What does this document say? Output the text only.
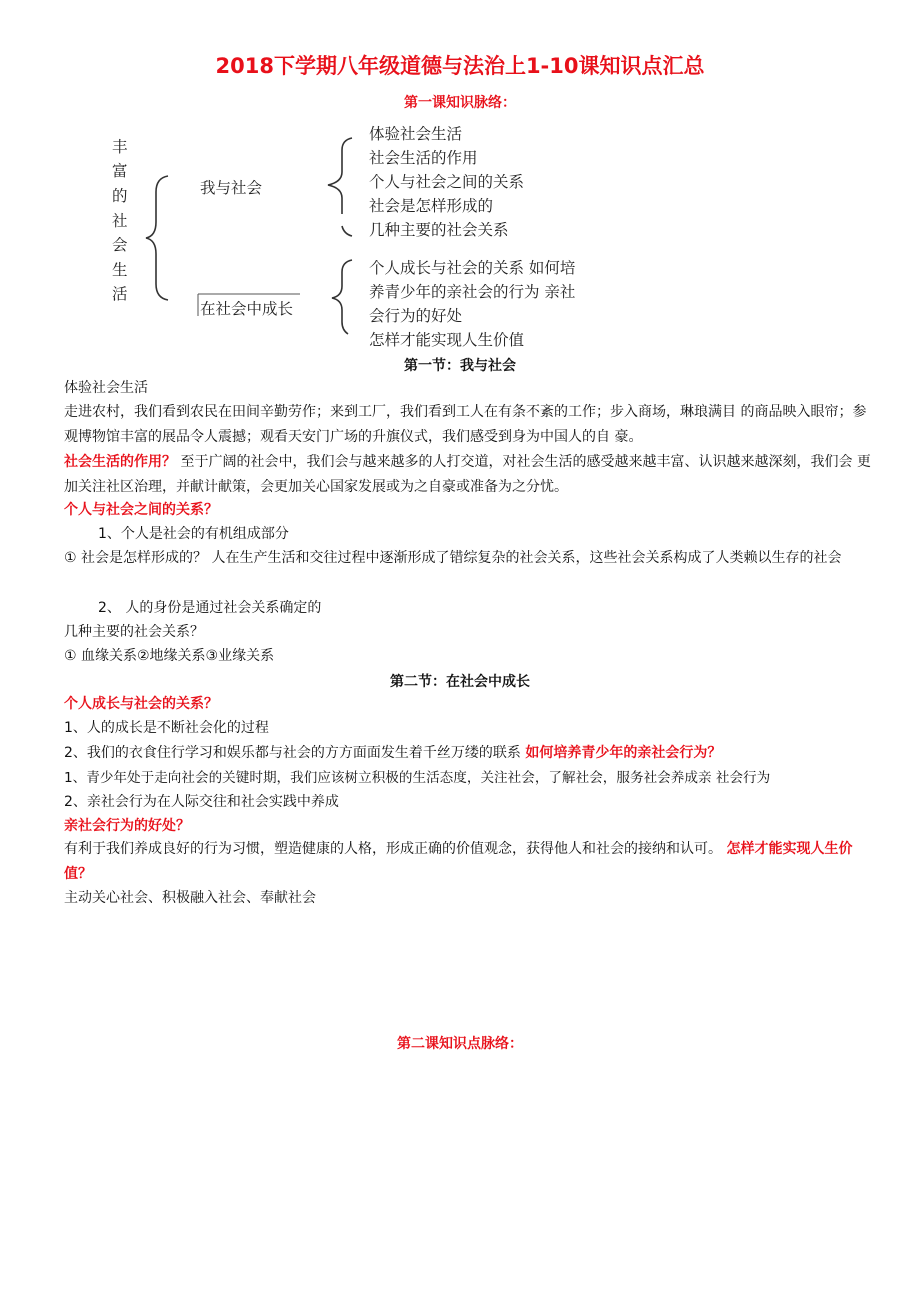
2018下学期八年级道德与法治上1-10课知识点汇总
第一课知识脉络：
丰
富
的
社
会
生
活
我与社会
在社会中成长
体验社会生活
社会生活的作用
个人与社会之间的关系
社会是怎样形成的
几种主要的社会关系
个人成长与社会的关系 如何培
养青少年的亲社会的行为 亲社
会行为的好处
怎样才能实现人生价值
第一节：我与社会
体验社会生活
走进农村，我们看到农民在田间辛勤劳作；来到工厂，我们看到工人在有条不紊的工作；步入商场，琳琅满目 的商品映入眼帘；参观博物馆丰富的展品令人震撼；观看天安门广场的升旗仪式，我们感受到身为中国人的自 豪。
社会生活的作用？ 至于广阔的社会中，我们会与越来越多的人打交道，对社会生活的感受越来越丰富、认识越来越深刻，我们会 更加关注社区治理，并献计献策，会更加关心国家发展或为之自豪或准备为之分忧。
个人与社会之间的关系？
1、个人是社会的有机组成部分
① 社会是怎样形成的？ 人在生产生活和交往过程中逐渐形成了错综复杂的社会关系，这些社会关系构成了人类赖以生存的社会
2、 人的身份是通过社会关系确定的
几种主要的社会关系？
① 血缘关系②地缘关系③业缘关系
第二节：在社会中成长
个人成长与社会的关系？
1、人的成长是不断社会化的过程
2、我们的衣食住行学习和娱乐都与社会的方方面面发生着千丝万缕的联系 如何培养青少年的亲社会行为？
1、青少年处于走向社会的关键时期，我们应该树立积极的生活态度，关注社会，了解社会，服务社会养成亲 社会行为
2、亲社会行为在人际交往和社会实践中养成
亲社会行为的好处？
有利于我们养成良好的行为习惯，塑造健康的人格，形成正确的价值观念，获得他人和社会的接纳和认可。 怎样才能实现人生价值？
主动关心社会、积极融入社会、奉献社会
第二课知识点脉络：
